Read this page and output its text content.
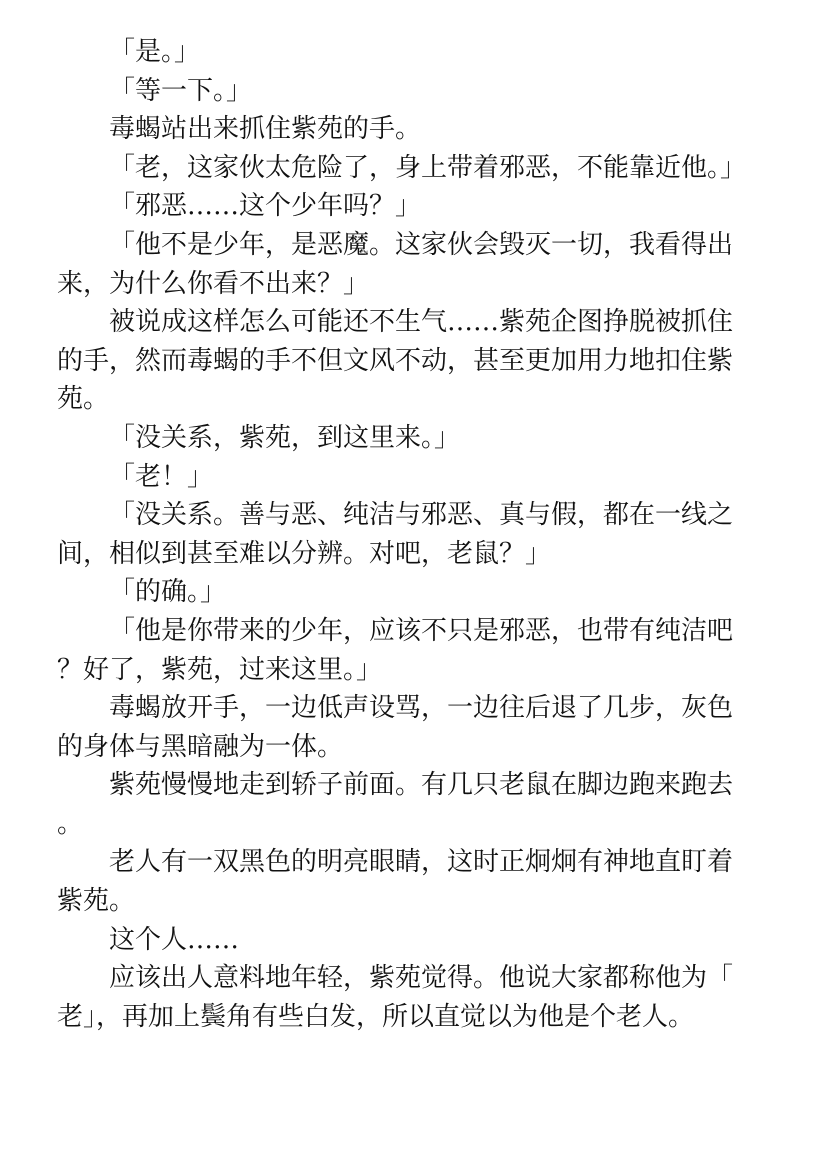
「是。」

「等一下。」

毒蝎站出来抓住紫苑的手。

「老，这家伙太危险了，身上带着邪恶，不能靠近他。」

「邪恶……这个少年吗？」

「他不是少年，是恶魔。这家伙会毁灭一切，我看得出来，为什么你看不出来？」

被说成这样怎么可能还不生气……紫苑企图挣脱被抓住的手，然而毒蝎的手不但文风不动，甚至更加用力地扣住紫苑。

「没关系，紫苑，到这里来。」

「老！」

「没关系。善与恶、纯洁与邪恶、真与假，都在一线之间，相似到甚至难以分辨。对吧，老鼠？」

「的确。」

「他是你带来的少年，应该不只是邪恶，也带有纯洁吧？好了，紫苑，过来这里。」

毒蝎放开手，一边低声设骂，一边往后退了几步，灰色的身体与黑暗融为一体。

紫苑慢慢地走到轿子前面。有几只老鼠在脚边跑来跑去。

老人有一双黑色的明亮眼睛，这时正炯炯有神地直盯着紫苑。

这个人……

应该出人意料地年轻，紫苑觉得。他说大家都称他为「老」，再加上鬓角有些白发，所以直觉以为他是个老人。
